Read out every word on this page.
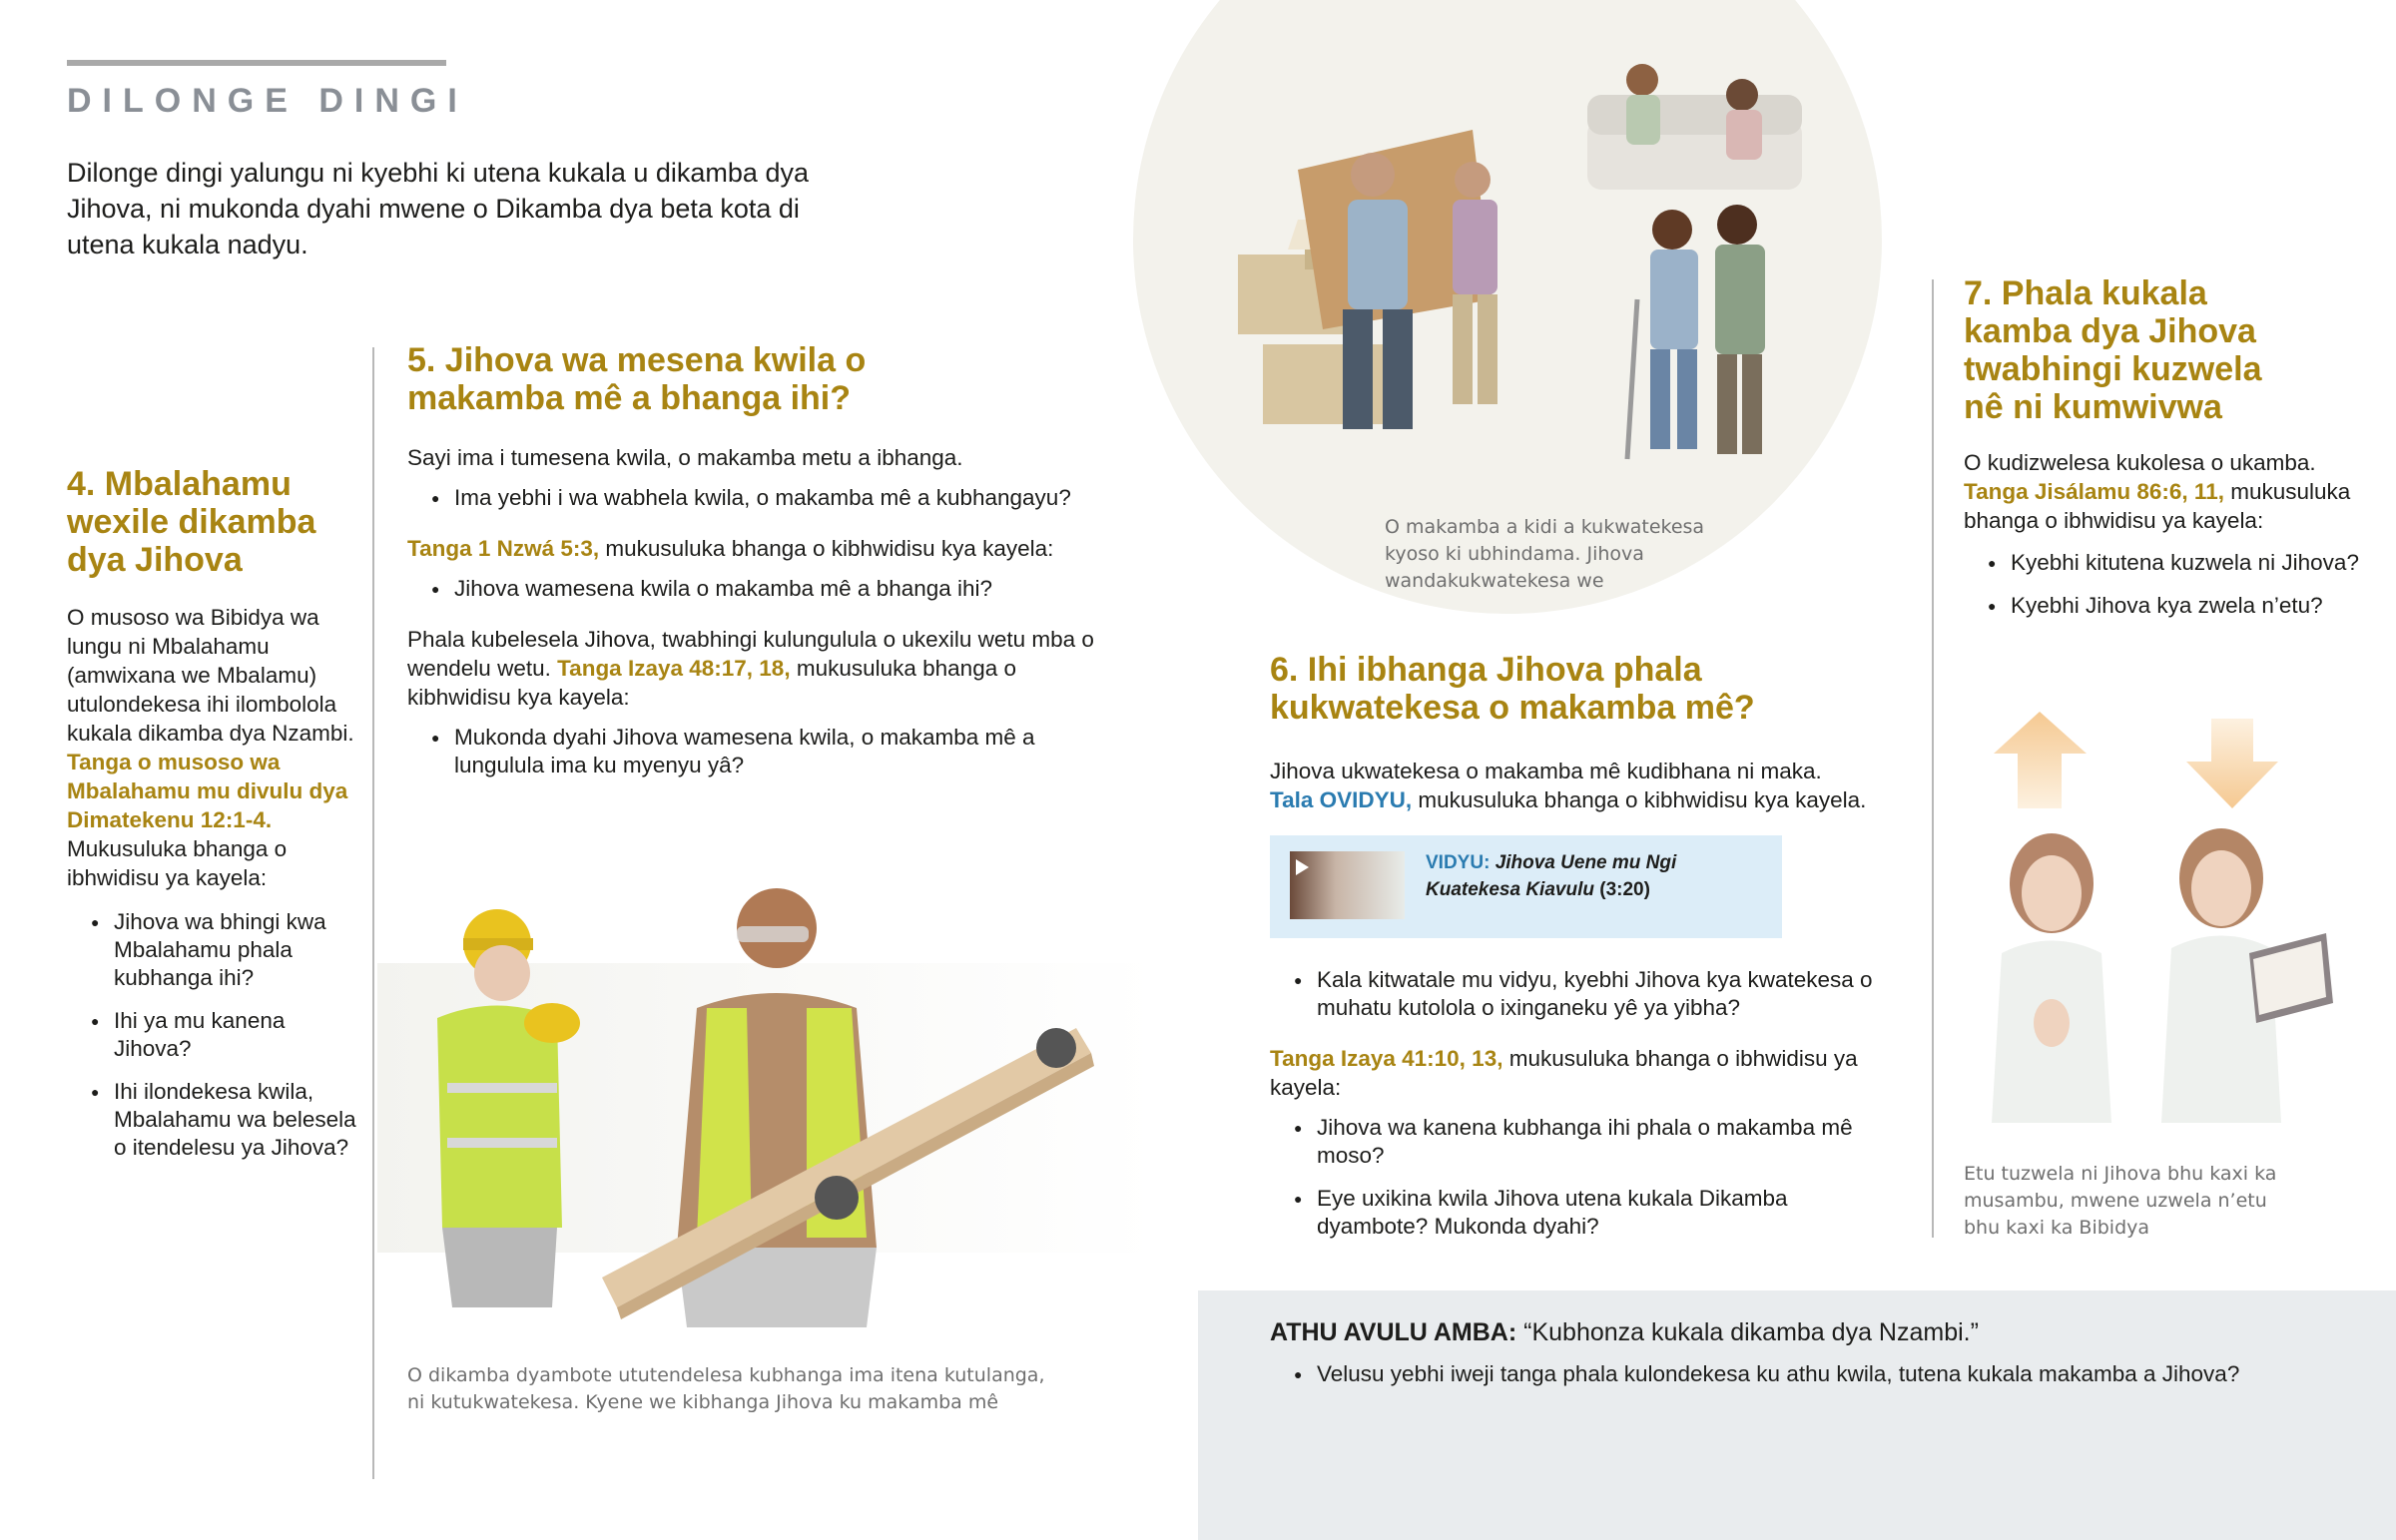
DILONGE DINGI
Dilonge dingi yalungu ni kyebhi ki utena kukala u dikamba dya Jihova, ni mukonda dyahi mwene o Dikamba dya beta kota di utena kukala nadyu.
4. Mbalahamu wexile dikamba dya Jihova
O musoso wa Bibidya wa lungu ni Mbalahamu (amwixana we Mbalamu) utulondekesa ihi ilombolola kukala dikamba dya Nzambi. Tanga o musoso wa Mbalahamu mu divulu dya Dimatekenu 12:1-4. Mukusuluka bhanga o ibhwidisu ya kayela:
● Jihova wa bhingi kwa Mbalahamu phala kubhanga ihi?
● Ihi ya mu kanena Jihova?
● Ihi ilondekesa kwila, Mbalahamu wa belesela o itendelesu ya Jihova?
5. Jihova wa mesena kwila o makamba mê a bhanga ihi?
Sayi ima i tumesena kwila, o makamba metu a ibhanga.
● Ima yebhi i wa wabhela kwila, o makamba mê a kubhangayu?
Tanga 1 Nzwá 5:3, mukusuluka bhanga o kibhwidisu kya kayela:
● Jihova wamesena kwila o makamba mê a bhanga ihi?
Phala kubelesela Jihova, twabhingi kulungulula o ukexilu wetu mba o wendelu wetu. Tanga Izaya 48:17, 18, mukusuluka bhanga o kibhwidisu kya kayela:
● Mukonda dyahi Jihova wamesena kwila, o makamba mê a lungulula ima ku myenyu yâ?
O dikamba dyambote ututendelesa kubhanga ima itena kutulanga, ni kutukwatekesa. Kyene we kibhanga Jihova ku makamba mê
O makamba a kidi a kukwatekesa kyoso ki ubhindama. Jihova wandakukwatekesa we
6. Ihi ibhanga Jihova phala kukwatekesa o makamba mê?
Jihova ukwatekesa o makamba mê kudibhana ni maka.
Tala OVIDYU, mukusuluka bhanga o kibhwidisu kya kayela.
VIDYU: Jihova Uene mu Ngi Kuatekesa Kiavulu (3:20)
● Kala kitwatale mu vidyu, kyebhi Jihova kya kwatekesa o muhatu kutolola o ixinganeku yê ya yibha?
Tanga Izaya 41:10, 13, mukusuluka bhanga o ibhwidisu ya kayela:
● Jihova wa kanena kubhanga ihi phala o makamba mê moso?
● Eye uxikina kwila Jihova utena kukala Dikamba dyambote? Mukonda dyahi?
7. Phala kukala kamba dya Jihova twabhingi kuzwela nê ni kumwivwa
O kudizwelesa kukolesa o ukamba. Tanga Jisálamu 86:6, 11, mukusuluka bhanga o ibhwidisu ya kayela:
● Kyebhi kitutena kuzwela ni Jihova?
● Kyebhi Jihova kya zwela n’etu?
Etu tuzwela ni Jihova bhu kaxi ka musambu, mwene uzwela n’etu bhu kaxi ka Bibidya
ATHU AVULU AMBA: “Kubhonza kukala dikamba dya Nzambi.”
● Velusu yebhi iweji tanga phala kulondekesa ku athu kwila, tutena kukala makamba a Jihova?
